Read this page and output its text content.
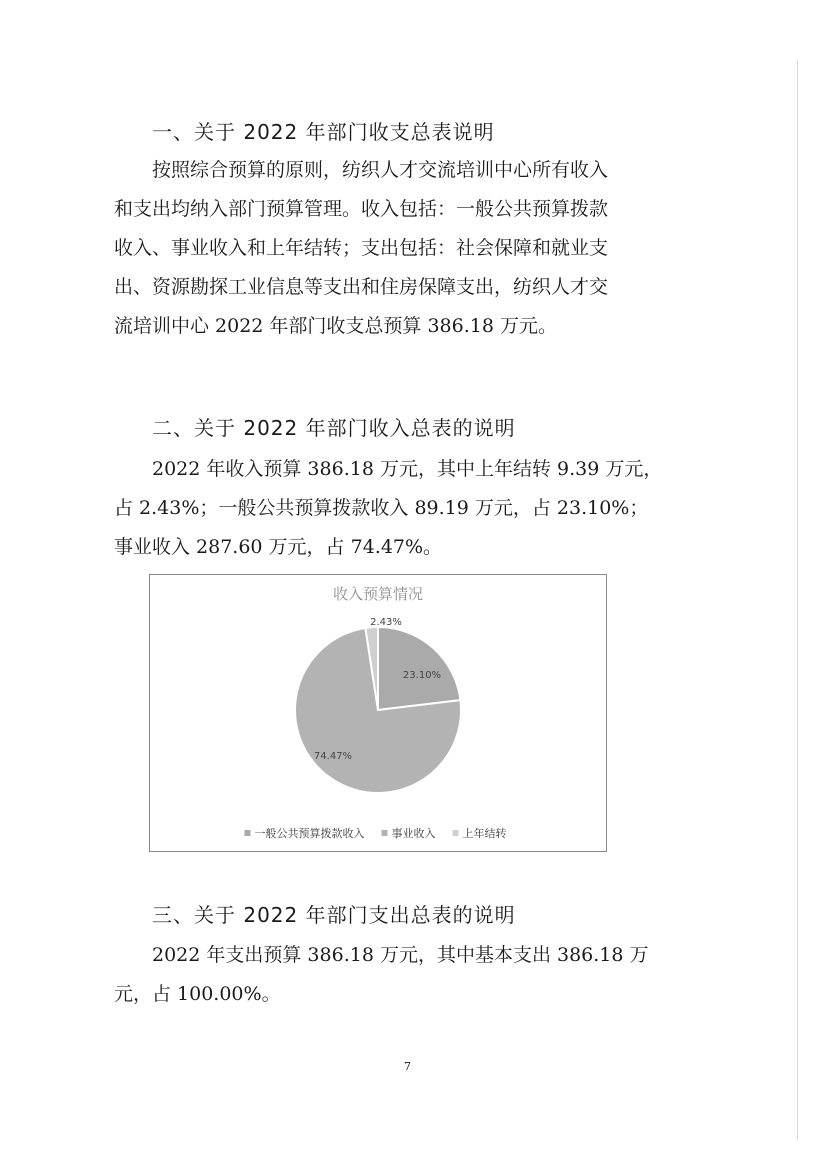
一、关于 2022 年部门收支总表说明

按照综合预算的原则，纺织人才交流培训中心所有收入
和支出均纳入部门预算管理。收入包括：一般公共预算拨款
收入、事业收入和上年结转；支出包括：社会保障和就业支
出、资源勘探工业信息等支出和住房保障支出，纺织人才交
流培训中心 2022 年部门收支总预算 386.18 万元。

二、关于 2022 年部门收入总表的说明

2022 年收入预算 386.18 万元，其中上年结转 9.39 万元，
占 2.43%；一般公共预算拨款收入 89.19 万元，占 23.10%；
事业收入 287.60 万元，占 74.47%。

收入预算情况
23.10%
74.47%
2.43%
一般公共预算拨款收入 事业收入 上年结转
三、关于 2022 年部门支出总表的说明

2022 年支出预算 386.18 万元，其中基本支出 386.18 万
元，占 100.00%。

7
